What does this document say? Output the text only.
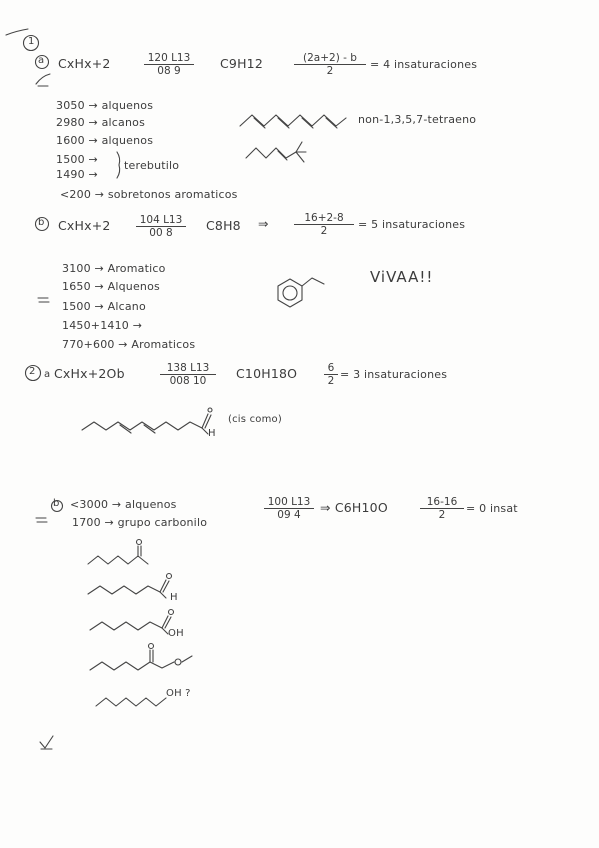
1
a CxHx+2	$\frac{120 L13}{08 9} C9H12$	$\frac{(2a+2) - b}{2} = 4$ insaturaciones
3050 → alquenos
2980 → alcanos
1600 → alquenos
1500 →
1490 →
terebutilo
<200 → sobretonos aromaticos
non-1,3,5,7-tetraeno
b CxHx+2 $\frac{104 L13}{00 8} C8H8$ ⇒ $\frac{16+2-8}{2} = 5$ insaturaciones
3100 → Aromatico
1650 → Alquenos
1500 → Alcano
1450+1410 →
770+600 → Aromaticos
ViVAA!!
2 a CxHx+2Ob	$\frac{138 L13}{008 10} C10H18O$	$\frac{6}{2} = 3$ insaturaciones
H
(cis como)
b <3000 → alquenos
1700 → grupo carbonilo
$\frac{100 L13}{09 4}$ ⇒ C6H10O	$\frac{16-16}{2} = 0$ insat
H
OH
OH ?
